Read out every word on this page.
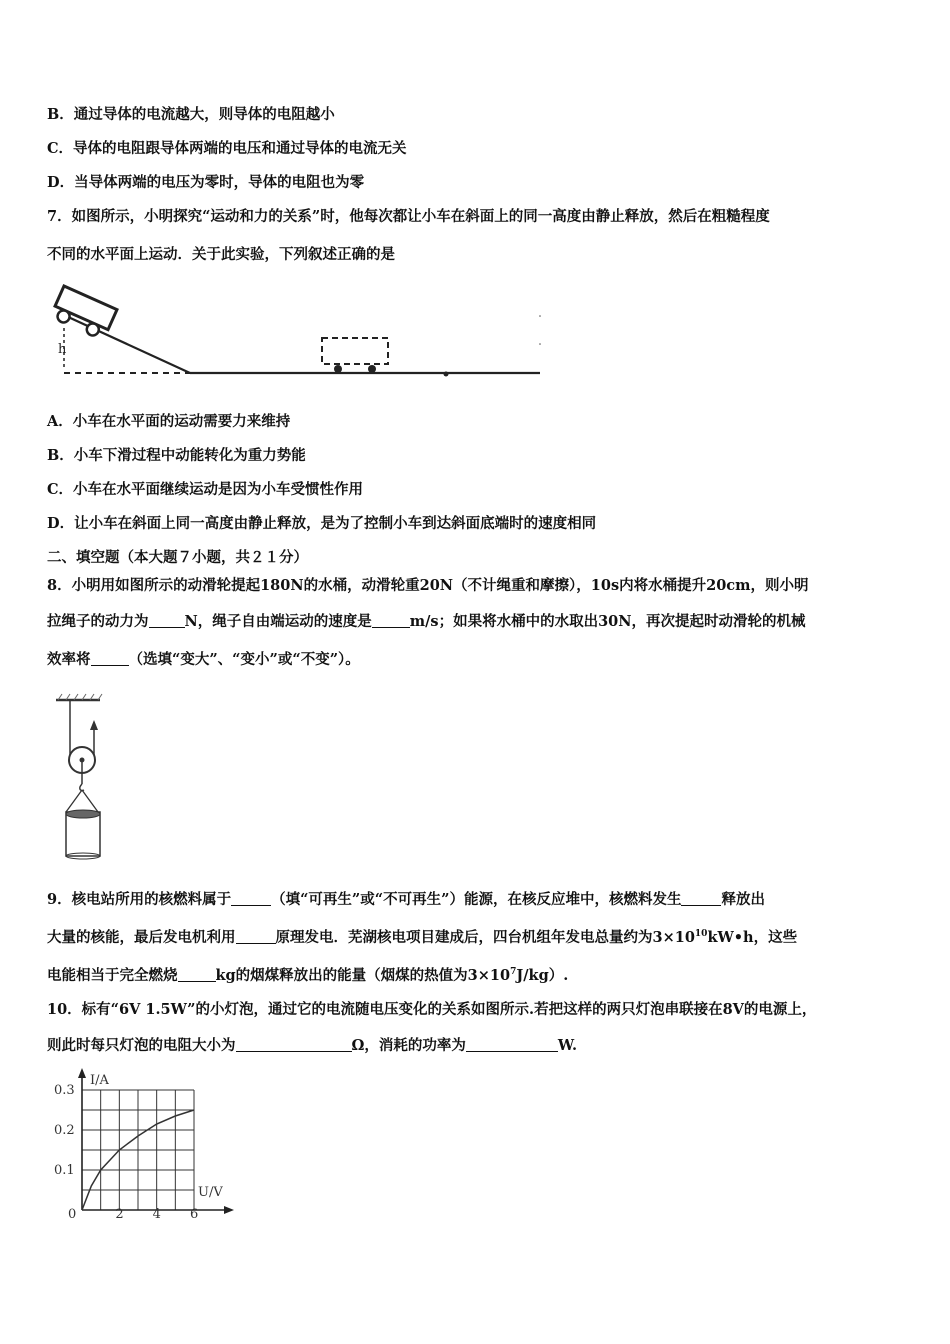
B．通过导体的电流越大，则导体的电阻越小
C．导体的电阻跟导体两端的电压和通过导体的电流无关
D．当导体两端的电压为零时，导体的电阻也为零
7．如图所示，小明探究“运动和力的关系”时，他每次都让小车在斜面上的同一高度由静止释放，然后在粗糙程度
不同的水平面上运动．关于此实验，下列叙述正确的是
h
A．小车在水平面的运动需要力来维持
B．小车下滑过程中动能转化为重力势能
C．小车在水平面继续运动是因为小车受惯性作用
D．让小车在斜面上同一高度由静止释放，是为了控制小车到达斜面底端时的速度相同
二、填空题（本大题７小题，共２１分）
8．小明用如图所示的动滑轮提起180N的水桶，动滑轮重20N（不计绳重和摩擦），10s内将水桶提升20cm，则小明
拉绳子的动力为 N，绳子自由端运动的速度是	m/s；如果将水桶中的水取出30N，再次提起时动滑轮的机械
效率将	（选填“变大”、“变小”或“不变”）。
9．核电站所用的核燃料属于	（填“可再生”或“不可再生”）能源，在核反应堆中，核燃料发生	释放出
大量的核能，最后发电机利用	原理发电．芜湖核电项目建成后，四台机组年发电总量约为$3\times 10^{10}kW•h$，这些
电能相当于完全燃烧	kg的烟煤释放出的能量（烟煤的热值为$3\times 10^7J/kg$）.
10．标有“6V 1.5W”的小灯泡，通过它的电流随电压变化的关系如图所示.若把这样的两只灯泡串联接在8V的电源上，
则此时每只灯泡的电阻大小为	Ω，消耗的功率为	W.
I/A
U/V
0	2 4 6
0.1
0.2
0.3
